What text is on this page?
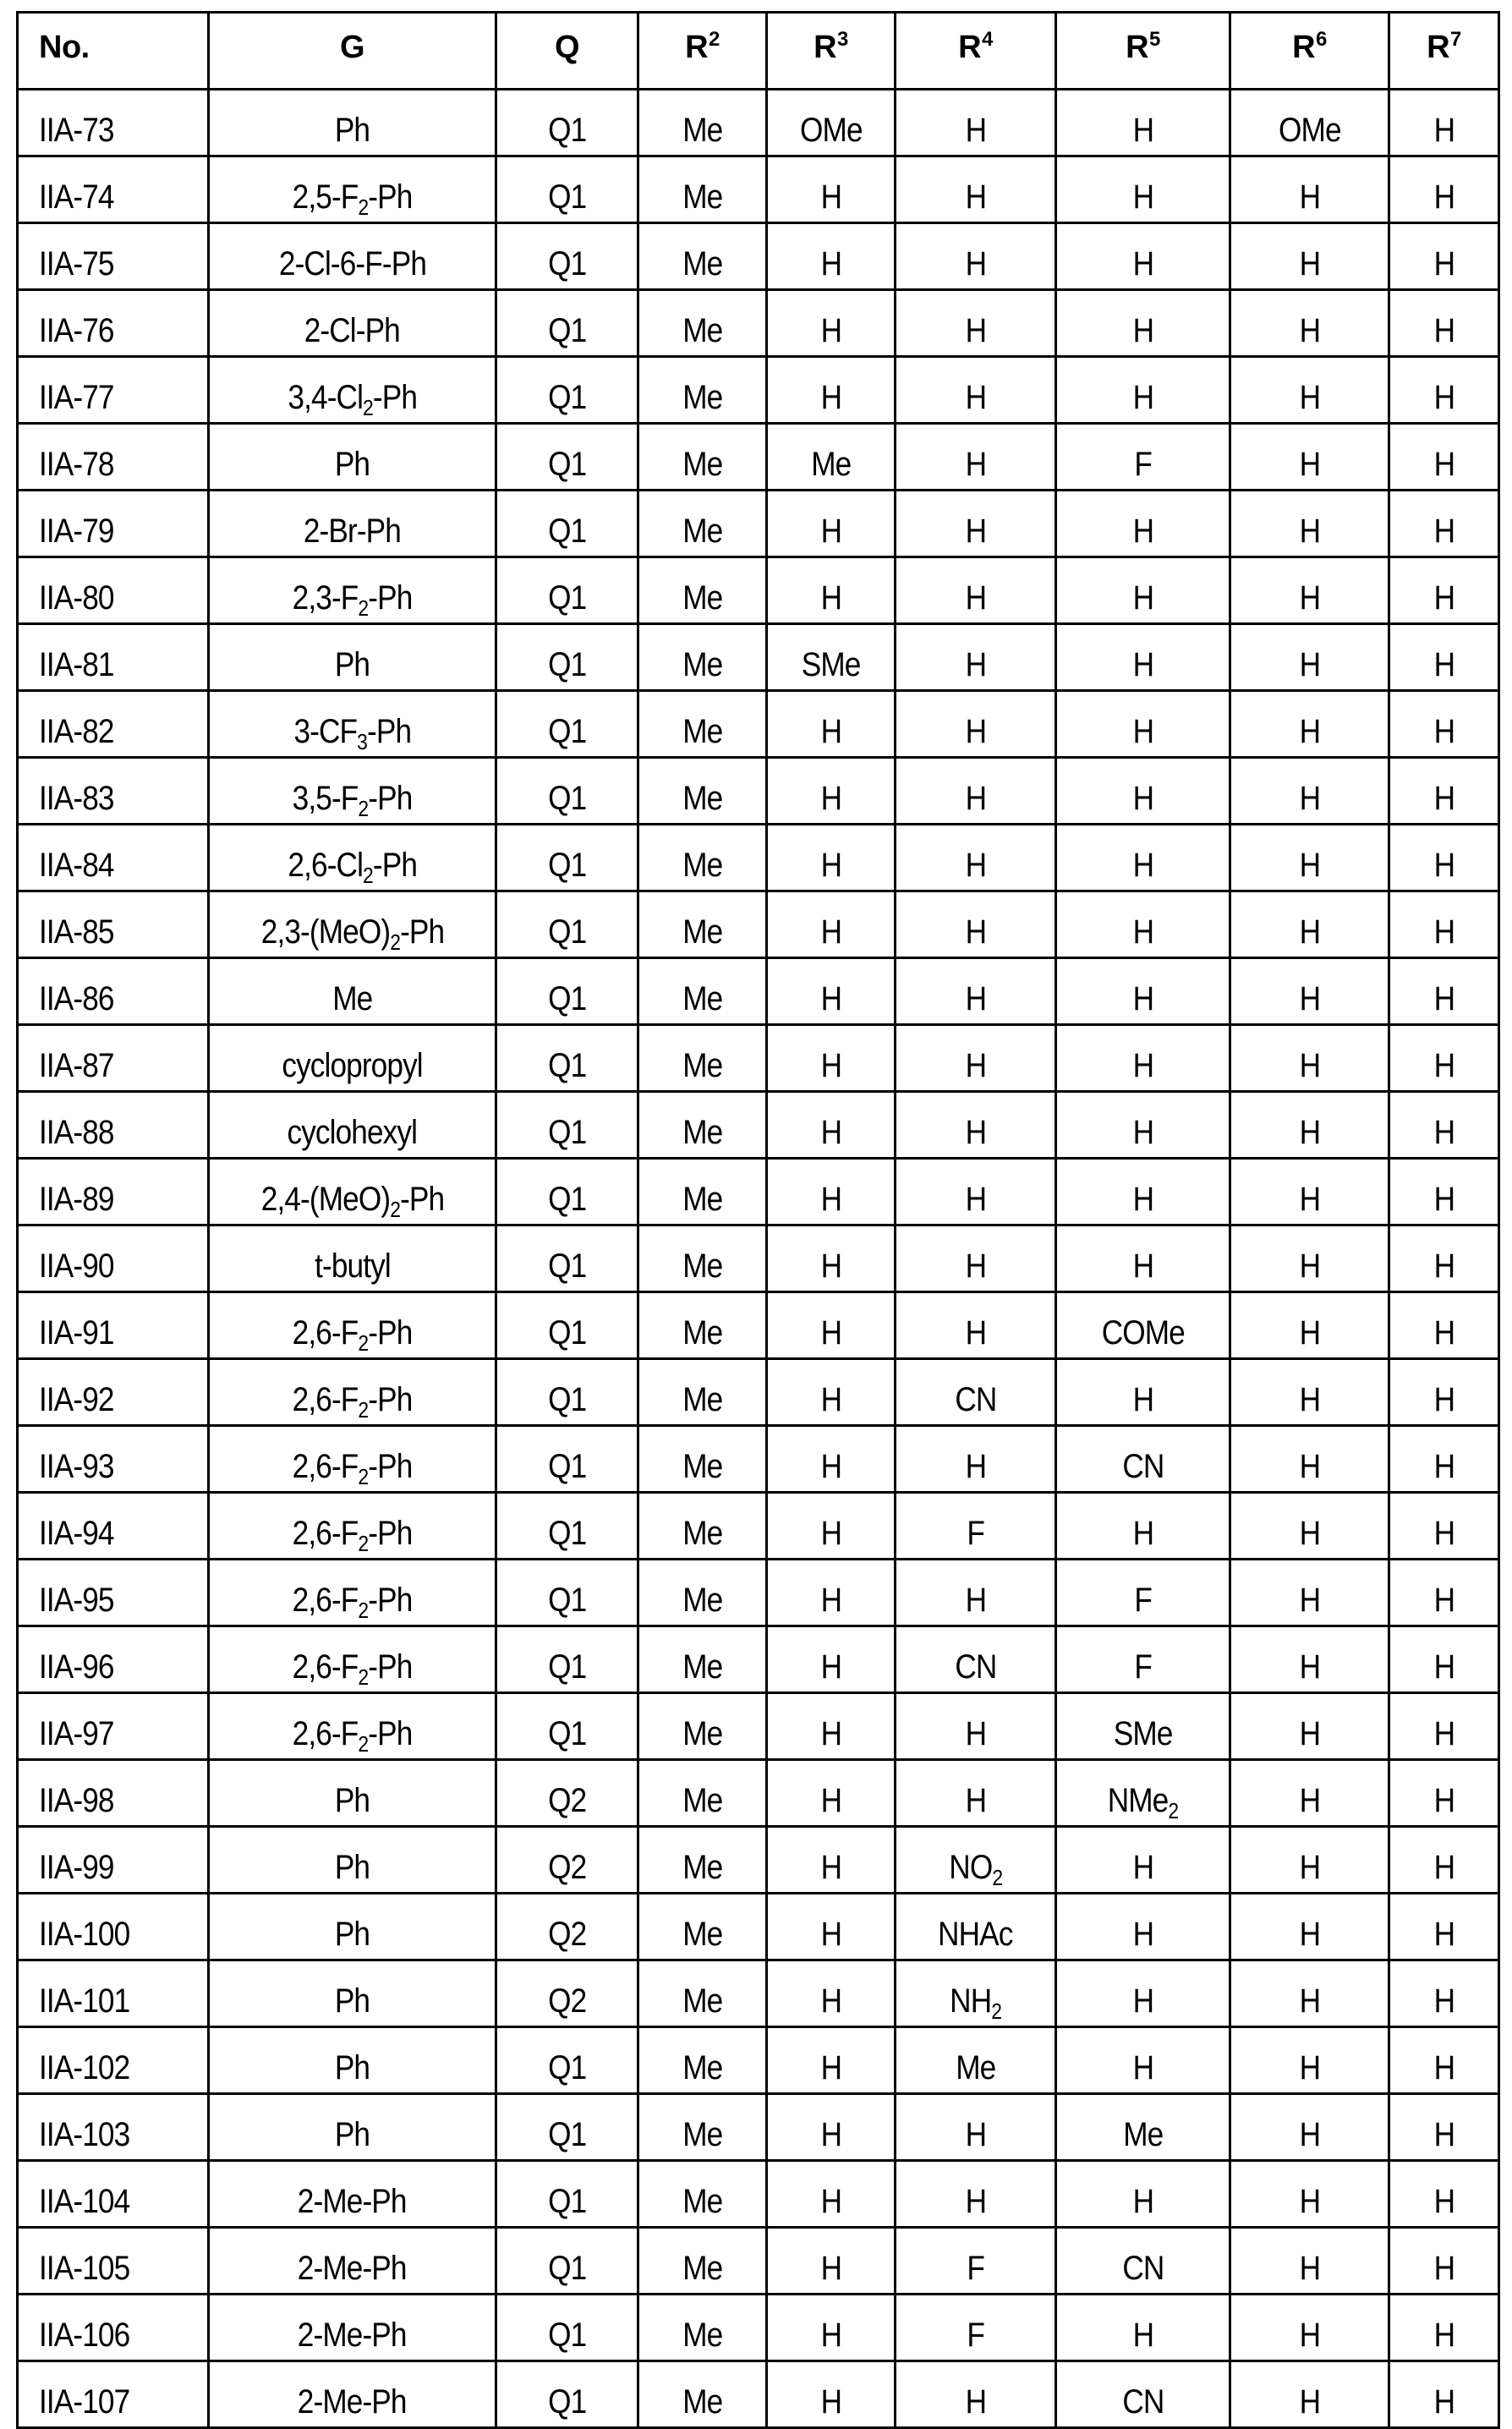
No.	G	Q	$R^2$	$R^3$	$R^4$	$R^5$	$R^6$	$R^7$
IIA-73	Ph	Q1	Me	OMe	H	H	OMe	H
IIA-74	$2,5-F_2-Ph$	Q1	Me	H	H	H	H	H
IIA-75	2-Cl-6-F-Ph	Q1	Me	H	H	H	H	H
IIA-76	2-Cl-Ph	Q1	Me	H	H	H	H	H
IIA-77	$3,4-Cl_2-Ph$	Q1	Me	H	H	H	H	H
IIA-78	Ph	Q1	Me	Me	H	F	H	H
IIA-79	2-Br-Ph	Q1	Me	H	H	H	H	H
IIA-80	$2,3-F_2-Ph$	Q1	Me	H	H	H	H	H
IIA-81	Ph	Q1	Me	SMe	H	H	H	H
IIA-82	$3-CF_3-Ph$	Q1	Me	H	H	H	H	H
IIA-83	$3,5-F_2-Ph$	Q1	Me	H	H	H	H	H
IIA-84	$2,6-Cl_2-Ph$	Q1	Me	H	H	H	H	H
IIA-85	$2,3-(MeO)_2-Ph$	Q1	Me	H	H	H	H	H
IIA-86	Me	Q1	Me	H	H	H	H	H
IIA-87	cyclopropyl	Q1	Me	H	H	H	H	H
IIA-88	cyclohexyl	Q1	Me	H	H	H	H	H
IIA-89	$2,4-(MeO)_2-Ph$	Q1	Me	H	H	H	H	H
IIA-90	t-butyl	Q1	Me	H	H	H	H	H
IIA-91	$2,6-F_2-Ph$	Q1	Me	H	H	COMe	H	H
IIA-92	$2,6-F_2-Ph$	Q1	Me	H	CN	H	H	H
IIA-93	$2,6-F_2-Ph$	Q1	Me	H	H	CN	H	H
IIA-94	$2,6-F_2-Ph$	Q1	Me	H	F	H	H	H
IIA-95	$2,6-F_2-Ph$	Q1	Me	H	H	F	H	H
IIA-96	$2,6-F_2-Ph$	Q1	Me	H	CN	F	H	H
IIA-97	$2,6-F_2-Ph$	Q1	Me	H	H	SMe	H	H
IIA-98	Ph	Q2	Me	H	H	NMe$_2$	H	H
IIA-99	Ph	Q2	Me	H	$NO_2$	H	H	H
IIA-100	Ph	Q2	Me	H	NHAc	H	H	H
IIA-101	Ph	Q2	Me	H	$NH_2$	H	H	H
IIA-102	Ph	Q1	Me	H	Me	H	H	H
IIA-103	Ph	Q1	Me	H	H	Me	H	H
IIA-104	2-Me-Ph	Q1	Me	H	H	H	H	H
IIA-105	2-Me-Ph	Q1	Me	H	F	CN	H	H
IIA-106	2-Me-Ph	Q1	Me	H	F	H	H	H
IIA-107	2-Me-Ph	Q1	Me	H	H	CN	H	H
